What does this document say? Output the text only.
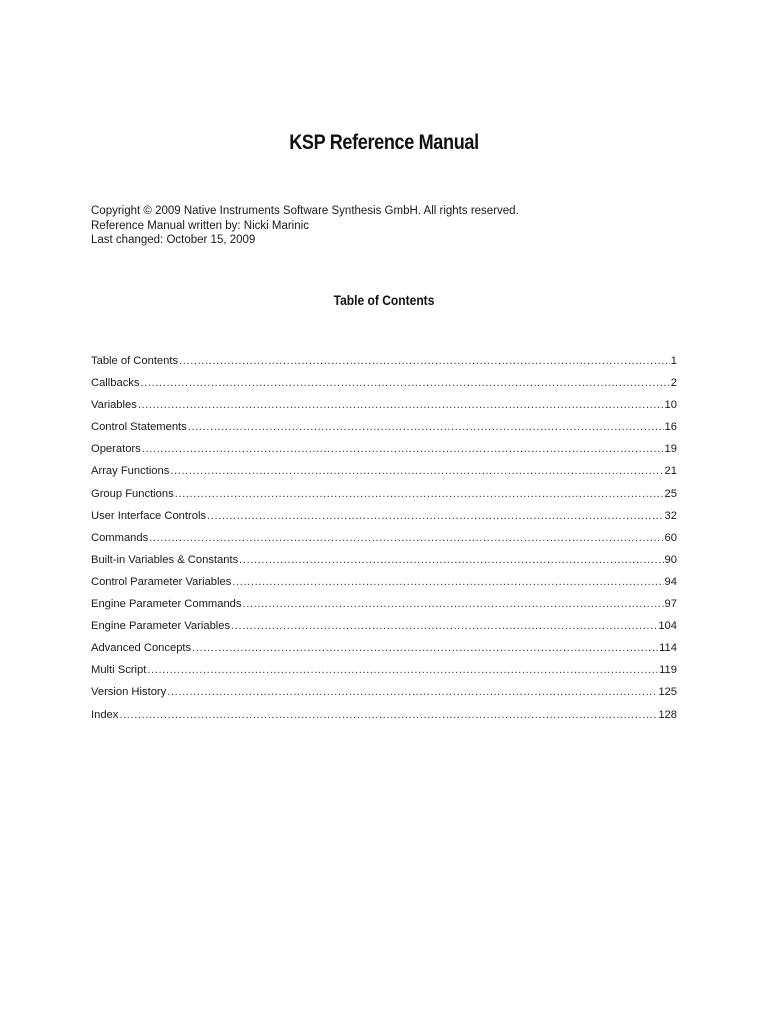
KSP Reference Manual
Copyright © 2009 Native Instruments Software Synthesis GmbH. All rights reserved.
Reference Manual written by: Nicki Marinic
Last changed: October 15, 2009
Table of Contents
Table of Contents .....	1
Callbacks .....	2
Variables .....	10
Control Statements .....	16
Operators .....	19
Array Functions .....	21
Group Functions .....	25
User Interface Controls .....	32
Commands .....	60
Built-in Variables & Constants .....	90
Control Parameter Variables .....	94
Engine Parameter Commands .....	97
Engine Parameter Variables .....	104
Advanced Concepts .....	114
Multi Script .....	119
Version History .....	125
Index .....	128
